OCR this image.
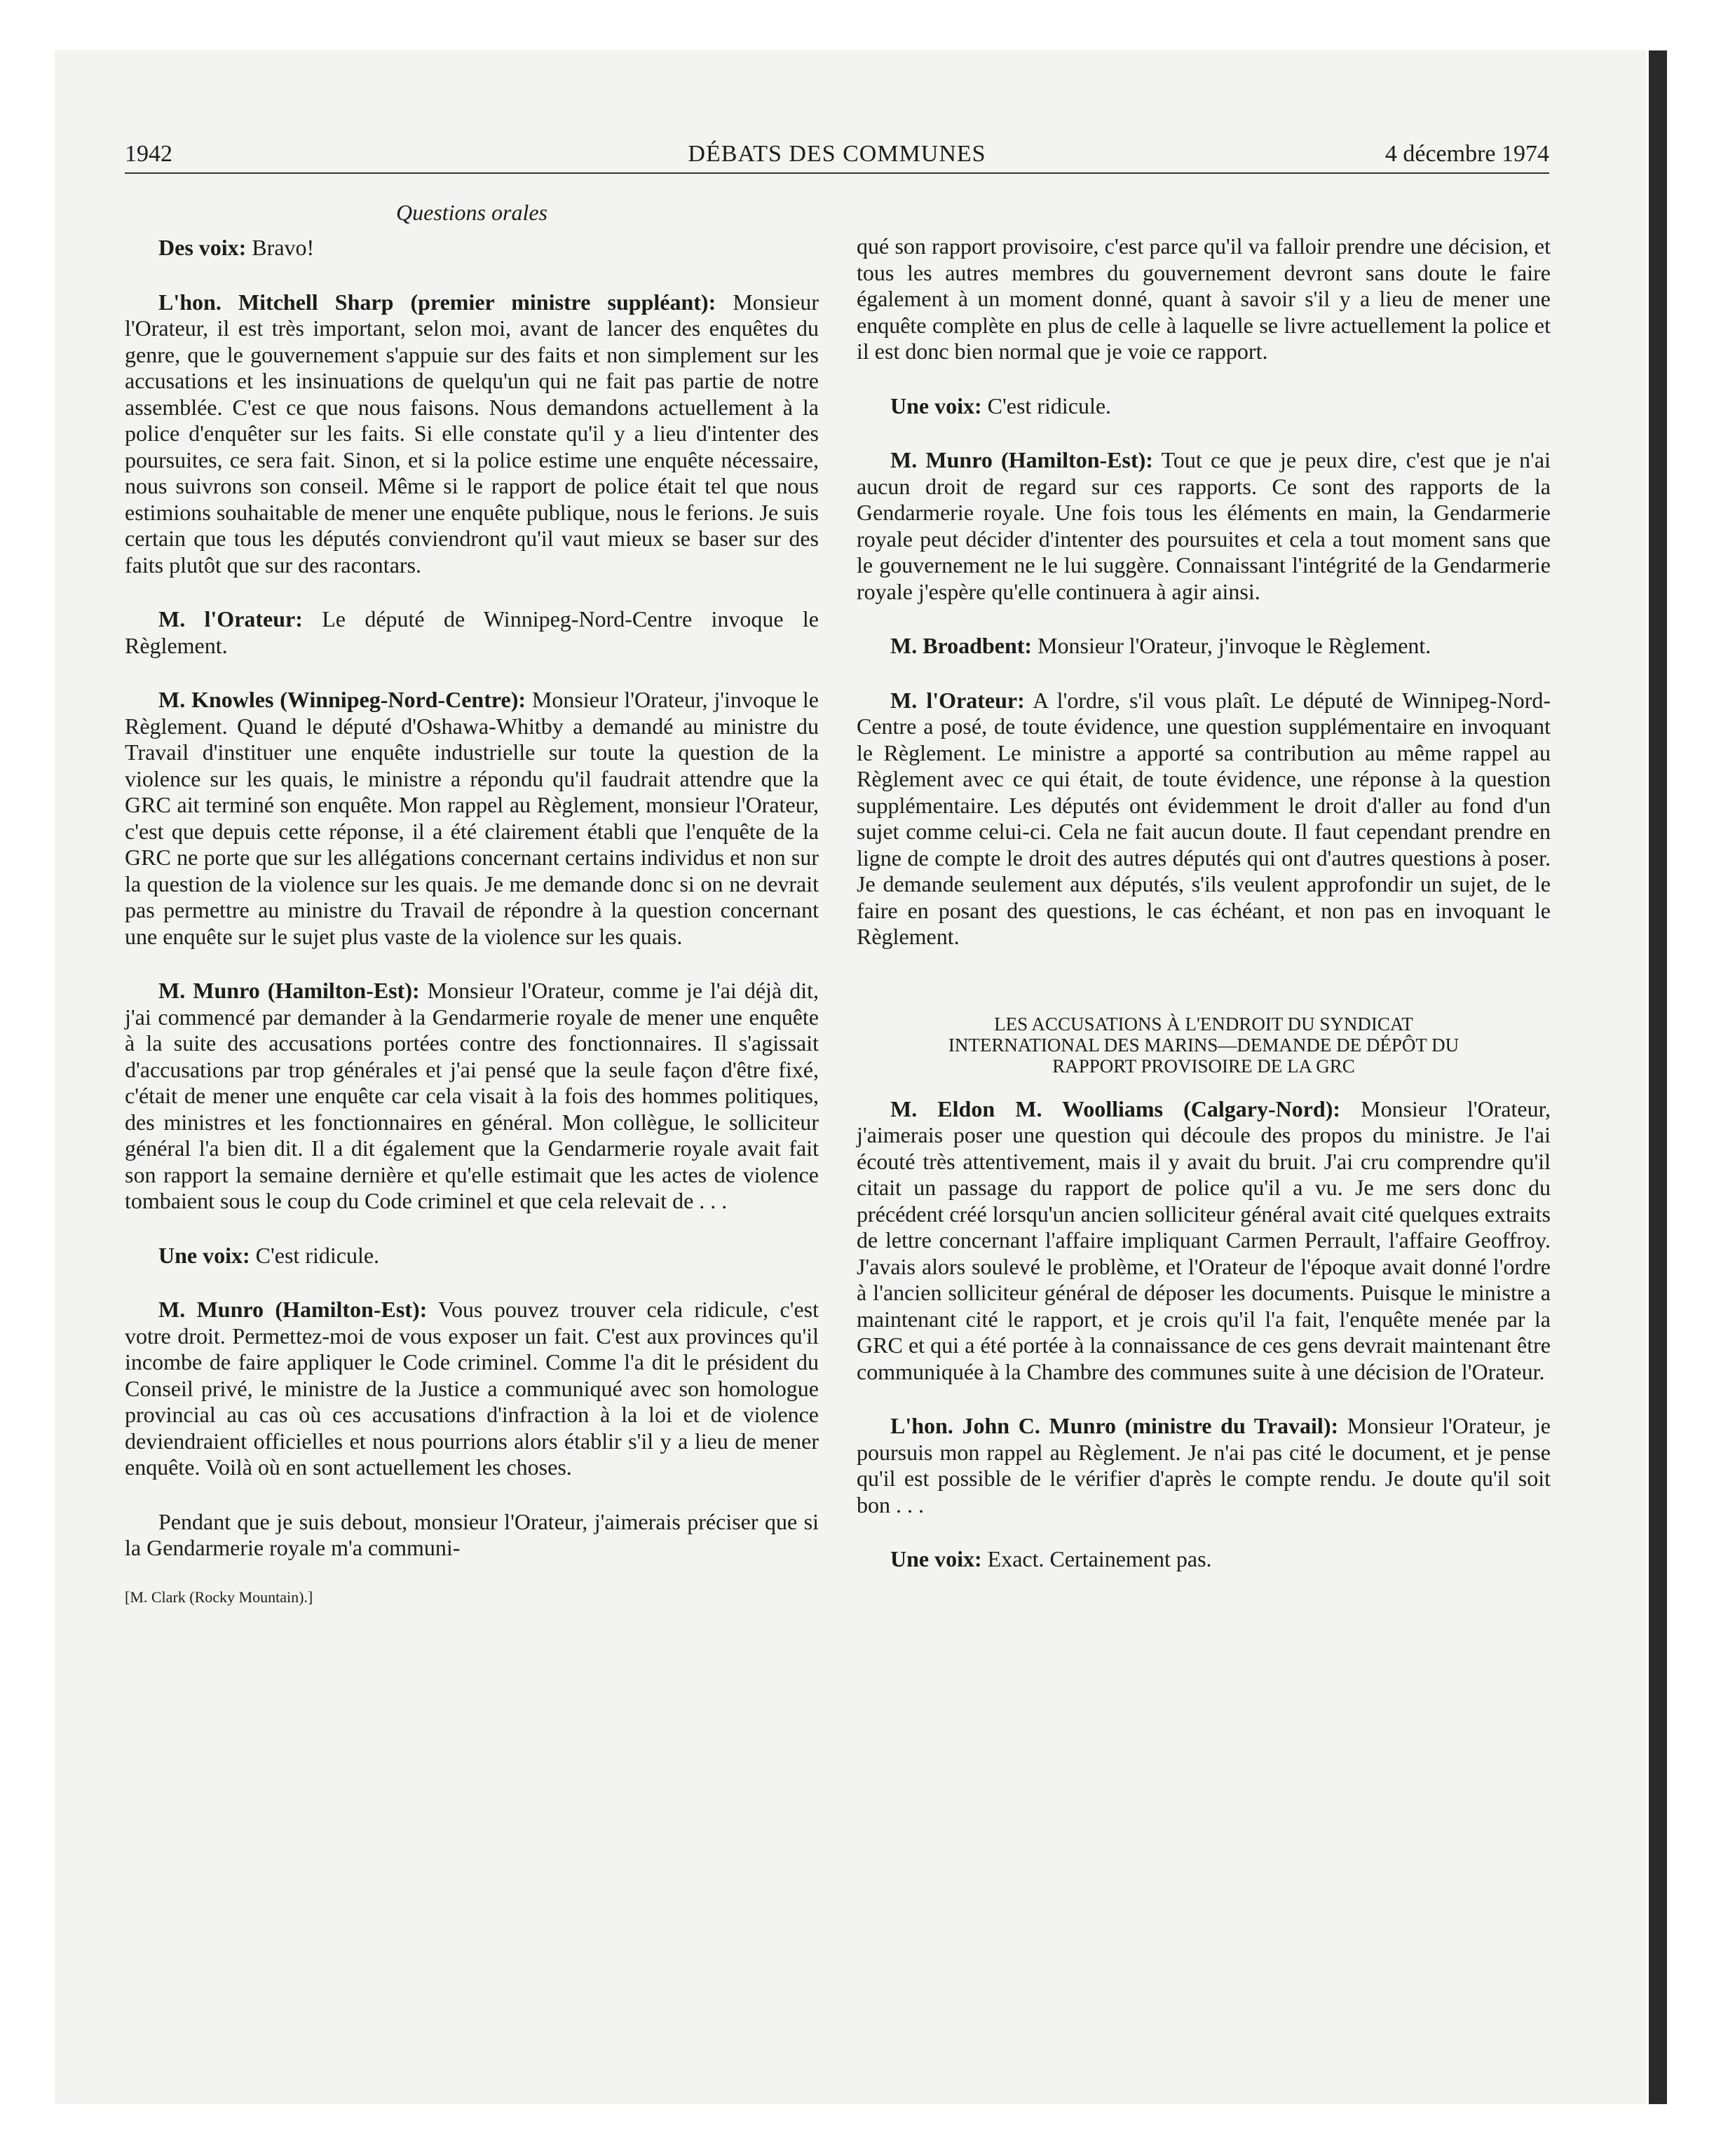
1942	DÉBATS DES COMMUNES	4 décembre 1974
Questions orales

Des voix: Bravo!

L'hon. Mitchell Sharp (premier ministre suppléant): Monsieur l'Orateur, il est très important, selon moi, avant de lancer des enquêtes du genre, que le gouvernement s'appuie sur des faits et non simplement sur les accusations et les insinuations de quelqu'un qui ne fait pas partie de notre assemblée. C'est ce que nous faisons. Nous demandons actuellement à la police d'enquêter sur les faits. Si elle constate qu'il y a lieu d'intenter des poursuites, ce sera fait. Sinon, et si la police estime une enquête nécessaire, nous suivrons son conseil. Même si le rapport de police était tel que nous estimions souhaitable de mener une enquête publique, nous le ferions. Je suis certain que tous les députés conviendront qu'il vaut mieux se baser sur des faits plutôt que sur des racontars.

M. l'Orateur: Le député de Winnipeg-Nord-Centre invoque le Règlement.

M. Knowles (Winnipeg-Nord-Centre): Monsieur l'Orateur, j'invoque le Règlement. Quand le député d'Oshawa-Whitby a demandé au ministre du Travail d'instituer une enquête industrielle sur toute la question de la violence sur les quais, le ministre a répondu qu'il faudrait attendre que la GRC ait terminé son enquête. Mon rappel au Règlement, monsieur l'Orateur, c'est que depuis cette réponse, il a été clairement établi que l'enquête de la GRC ne porte que sur les allégations concernant certains individus et non sur la question de la violence sur les quais. Je me demande donc si on ne devrait pas permettre au ministre du Travail de répondre à la question concernant une enquête sur le sujet plus vaste de la violence sur les quais.

M. Munro (Hamilton-Est): Monsieur l'Orateur, comme je l'ai déjà dit, j'ai commencé par demander à la Gendarmerie royale de mener une enquête à la suite des accusations portées contre des fonctionnaires. Il s'agissait d'accusations par trop générales et j'ai pensé que la seule façon d'être fixé, c'était de mener une enquête car cela visait à la fois des hommes politiques, des ministres et les fonctionnaires en général. Mon collègue, le solliciteur général l'a bien dit. Il a dit également que la Gendarmerie royale avait fait son rapport la semaine dernière et qu'elle estimait que les actes de violence tombaient sous le coup du Code criminel et que cela relevait de . . .

Une voix: C'est ridicule.

M. Munro (Hamilton-Est): Vous pouvez trouver cela ridicule, c'est votre droit. Permettez-moi de vous exposer un fait. C'est aux provinces qu'il incombe de faire appliquer le Code criminel. Comme l'a dit le président du Conseil privé, le ministre de la Justice a communiqué avec son homologue provincial au cas où ces accusations d'infraction à la loi et de violence deviendraient officielles et nous pourrions alors établir s'il y a lieu de mener enquête. Voilà où en sont actuellement les choses.

Pendant que je suis debout, monsieur l'Orateur, j'aimerais préciser que si la Gendarmerie royale m'a communi-

[M. Clark (Rocky Mountain).]

qué son rapport provisoire, c'est parce qu'il va falloir prendre une décision, et tous les autres membres du gouvernement devront sans doute le faire également à un moment donné, quant à savoir s'il y a lieu de mener une enquête complète en plus de celle à laquelle se livre actuellement la police et il est donc bien normal que je voie ce rapport.

Une voix: C'est ridicule.

M. Munro (Hamilton-Est): Tout ce que je peux dire, c'est que je n'ai aucun droit de regard sur ces rapports. Ce sont des rapports de la Gendarmerie royale. Une fois tous les éléments en main, la Gendarmerie royale peut décider d'intenter des poursuites et cela a tout moment sans que le gouvernement ne le lui suggère. Connaissant l'intégrité de la Gendarmerie royale j'espère qu'elle continuera à agir ainsi.

M. Broadbent: Monsieur l'Orateur, j'invoque le Règlement.

M. l'Orateur: A l'ordre, s'il vous plaît. Le député de Winnipeg-Nord-Centre a posé, de toute évidence, une question supplémentaire en invoquant le Règlement. Le ministre a apporté sa contribution au même rappel au Règlement avec ce qui était, de toute évidence, une réponse à la question supplémentaire. Les députés ont évidemment le droit d'aller au fond d'un sujet comme celui-ci. Cela ne fait aucun doute. Il faut cependant prendre en ligne de compte le droit des autres députés qui ont d'autres questions à poser. Je demande seulement aux députés, s'ils veulent approfondir un sujet, de le faire en posant des questions, le cas échéant, et non pas en invoquant le Règlement.

LES ACCUSATIONS À L'ENDROIT DU SYNDICAT
INTERNATIONAL DES MARINS—DEMANDE DE DÉPÔT DU
RAPPORT PROVISOIRE DE LA GRC

M. Eldon M. Woolliams (Calgary-Nord): Monsieur l'Orateur, j'aimerais poser une question qui découle des propos du ministre. Je l'ai écouté très attentivement, mais il y avait du bruit. J'ai cru comprendre qu'il citait un passage du rapport de police qu'il a vu. Je me sers donc du précédent créé lorsqu'un ancien solliciteur général avait cité quelques extraits de lettre concernant l'affaire impliquant Carmen Perrault, l'affaire Geoffroy. J'avais alors soulevé le problème, et l'Orateur de l'époque avait donné l'ordre à l'ancien solliciteur général de déposer les documents. Puisque le ministre a maintenant cité le rapport, et je crois qu'il l'a fait, l'enquête menée par la GRC et qui a été portée à la connaissance de ces gens devrait maintenant être communiquée à la Chambre des communes suite à une décision de l'Orateur.

L'hon. John C. Munro (ministre du Travail): Monsieur l'Orateur, je poursuis mon rappel au Règlement. Je n'ai pas cité le document, et je pense qu'il est possible de le vérifier d'après le compte rendu. Je doute qu'il soit bon . . .

Une voix: Exact. Certainement pas.
